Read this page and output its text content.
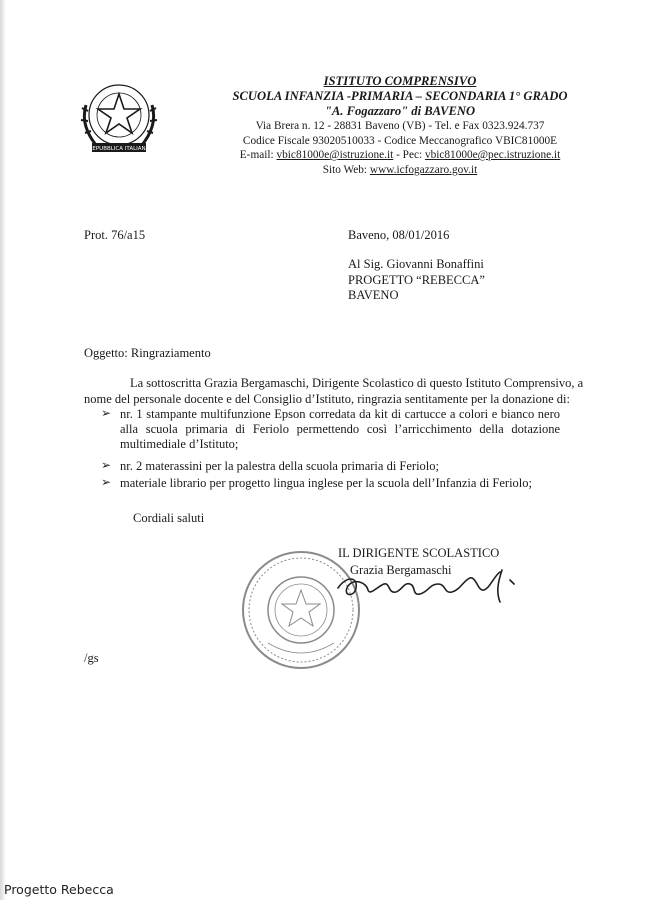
REPUBBLICA ITALIANA
ISTITUTO COMPRENSIVO
SCUOLA INFANZIA -PRIMARIA – SECONDARIA 1° GRADO
"A. Fogazzaro" di BAVENO
Via Brera n. 12 - 28831 Baveno (VB) - Tel. e Fax 0323.924.737
Codice Fiscale 93020510033 - Codice Meccanografico VBIC81000E
E-mail: vbic81000e@istruzione.it - Pec: vbic81000e@pec.istruzione.it
Sito Web: www.icfogazzaro.gov.it
Prot. 76/a15	Baveno, 08/01/2016
Al Sig. Giovanni Bonaffini
PROGETTO “REBECCA”
BAVENO
Oggetto: Ringraziamento
La sottoscritta Grazia Bergamaschi, Dirigente Scolastico di questo Istituto Comprensivo, a
nome del personale docente e del Consiglio d’Istituto, ringrazia sentitamente per la donazione di:
➢ nr. 1 stampante multifunzione Epson corredata da kit di cartucce a colori e bianco nero alla scuola primaria di Feriolo permettendo così l’arricchimento della dotazione multimediale d’Istituto;
➢ nr. 2 materassini per la palestra della scuola primaria di Feriolo;
➢ materiale librario per progetto lingua inglese per la scuola dell’Infanzia di Feriolo;
Cordiali saluti
IL DIRIGENTE SCOLASTICO
Grazia Bergamaschi
/gs
Progetto Rebecca
